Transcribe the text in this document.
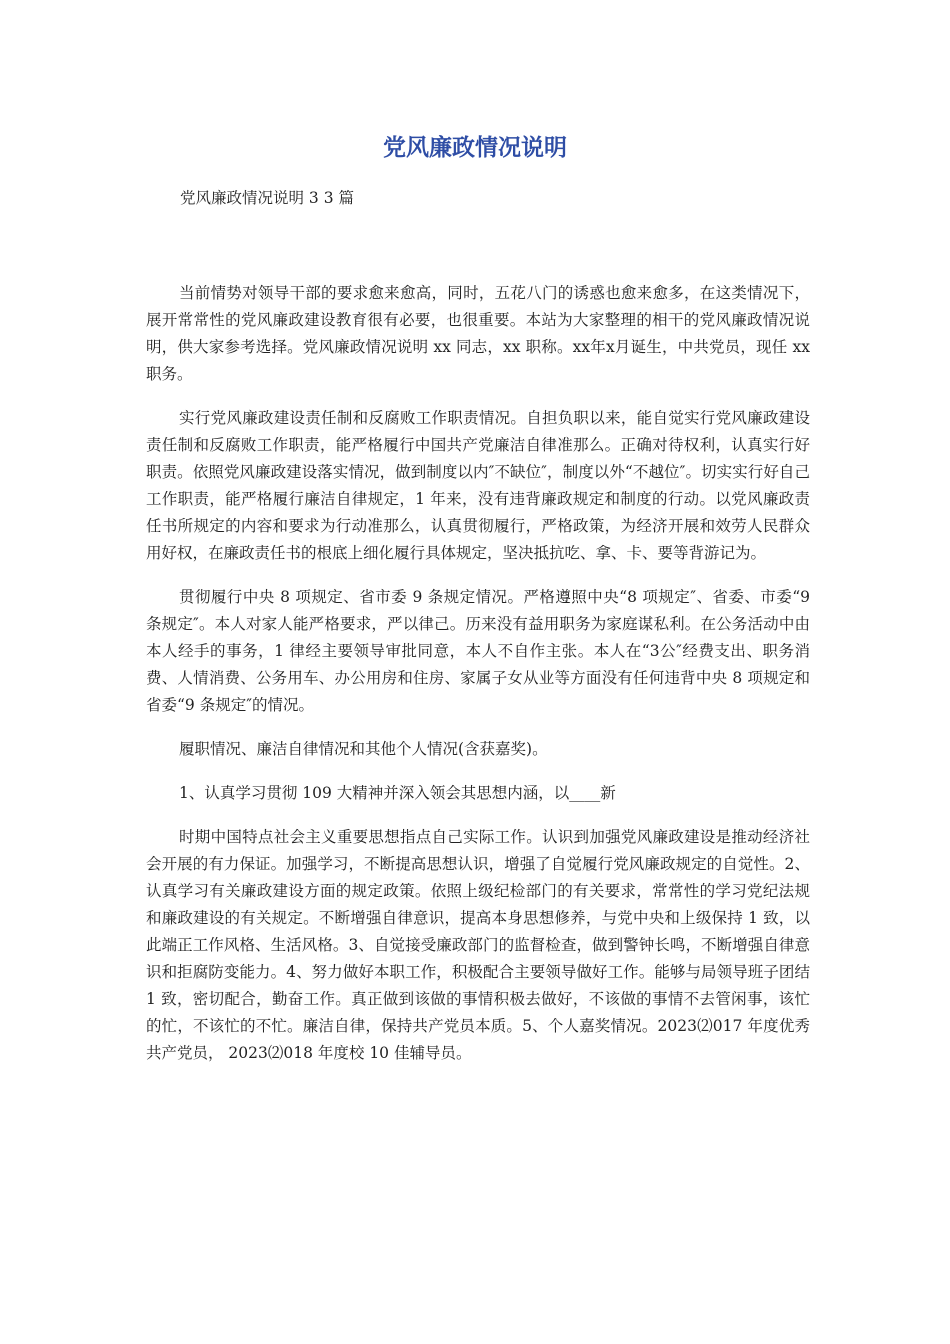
党风廉政情况说明

党风廉政情况说明 3 3 篇

当前情势对领导干部的要求愈来愈高，同时，五花八门的诱惑也愈来愈多，在这类情况下，展开常常性的党风廉政建设教育很有必要，也很重要。本站为大家整理的相干的党风廉政情况说明，供大家参考选择。党风廉政情况说明 xx 同志，xx 职称。xx年x月诞生，中共党员，现任 xx 职务。

实行党风廉政建设责任制和反腐败工作职责情况。自担负职以来，能自觉实行党风廉政建设责任制和反腐败工作职责，能严格履行中国共产党廉洁自律准那么。正确对待权利，认真实行好职责。依照党风廉政建设落实情况，做到制度以内″不缺位″，制度以外“不越位″。切实实行好自己工作职责，能严格履行廉洁自律规定，1 年来，没有违背廉政规定和制度的行动。以党风廉政责任书所规定的内容和要求为行动准那么，认真贯彻履行，严格政策，为经济开展和效劳人民群众用好权，在廉政责任书的根底上细化履行具体规定，坚决抵抗吃、拿、卡、要等背游记为。

贯彻履行中央 8 项规定、省市委 9 条规定情况。严格遵照中央“8 项规定″、省委、市委“9 条规定″。本人对家人能严格要求，严以律己。历来没有益用职务为家庭谋私利。在公务活动中由本人经手的事务，1 律经主要领导审批同意，本人不自作主张。本人在“3公″经费支出、职务消费、人情消费、公务用车、办公用房和住房、家属子女从业等方面没有任何违背中央 8 项规定和省委“9 条规定″的情况。

履职情况、廉洁自律情况和其他个人情况(含获嘉奖)。

1、认真学习贯彻 109 大精神并深入领会其思想内涵，以____新

时期中国特点社会主义重要思想指点自己实际工作。认识到加强党风廉政建设是推动经济社会开展的有力保证。加强学习，不断提高思想认识，增强了自觉履行党风廉政规定的自觉性。2、认真学习有关廉政建设方面的规定政策。依照上级纪检部门的有关要求，常常性的学习党纪法规和廉政建设的有关规定。不断增强自律意识，提高本身思想修养，与党中央和上级保持 1 致，以此端正工作风格、生活风格。3、自觉接受廉政部门的监督检查，做到警钟长鸣，不断增强自律意识和拒腐防变能力。4、努力做好本职工作，积极配合主要领导做好工作。能够与局领导班子团结 1 致，密切配合，勤奋工作。真正做到该做的事情积极去做好，不该做的事情不去管闲事，该忙的忙，不该忙的不忙。廉洁自律，保持共产党员本质。5、个人嘉奖情况。2023⑵017 年度优秀共产党员， 2023⑵018 年度校 10 佳辅导员。
